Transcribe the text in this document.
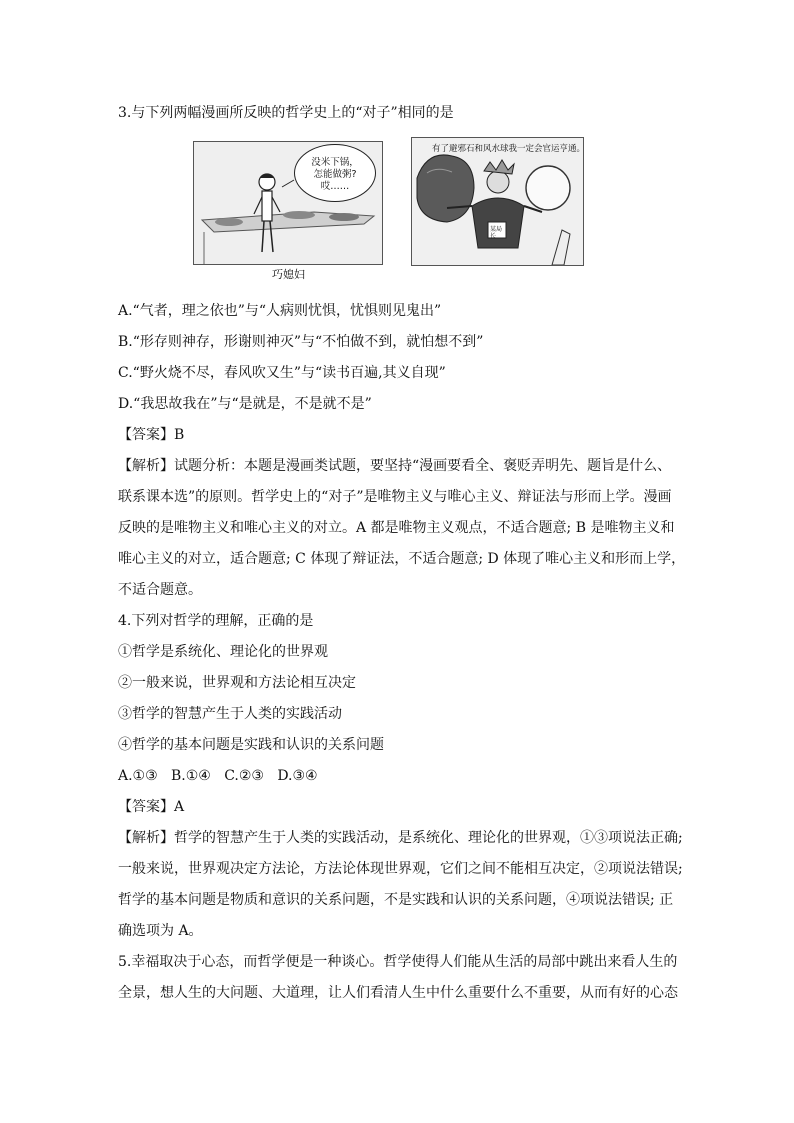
3.与下列两幅漫画所反映的哲学史上的“对子”相同的是
没米下锅，
怎能做粥?
哎……
巧媳妇
有了避邪石和风水球我一定会官运亨通。
某局长
A.“气者，理之依也”与“人病则忧惧，忧惧则见鬼出”
B.“形存则神存，形谢则神灭”与“不怕做不到，就怕想不到”
C.“野火烧不尽，春风吹又生”与“读书百遍,其义自现”
D.“我思故我在”与“是就是，不是就不是”
【答案】B
【解析】试题分析：本题是漫画类试题，要坚持“漫画要看全、褒贬弄明先、题旨是什么、
联系课本选”的原则。哲学史上的“对子”是唯物主义与唯心主义、辩证法与形而上学。漫画
反映的是唯物主义和唯心主义的对立。A 都是唯物主义观点，不适合题意; B 是唯物主义和
唯心主义的对立，适合题意; C 体现了辩证法，不适合题意; D 体现了唯心主义和形而上学，
不适合题意。
4.下列对哲学的理解，正确的是
①哲学是系统化、理论化的世界观
②一般来说，世界观和方法论相互决定
③哲学的智慧产生于人类的实践活动
④哲学的基本问题是实践和认识的关系问题
A.①③   B.①④   C.②③   D.③④
【答案】A
【解析】哲学的智慧产生于人类的实践活动，是系统化、理论化的世界观，①③项说法正确;
一般来说，世界观决定方法论，方法论体现世界观，它们之间不能相互决定，②项说法错误;
哲学的基本问题是物质和意识的关系问题，不是实践和认识的关系问题，④项说法错误; 正
确选项为 A。
5.幸福取决于心态，而哲学便是一种谈心。哲学使得人们能从生活的局部中跳出来看人生的
全景，想人生的大问题、大道理，让人们看清人生中什么重要什么不重要，从而有好的心态
